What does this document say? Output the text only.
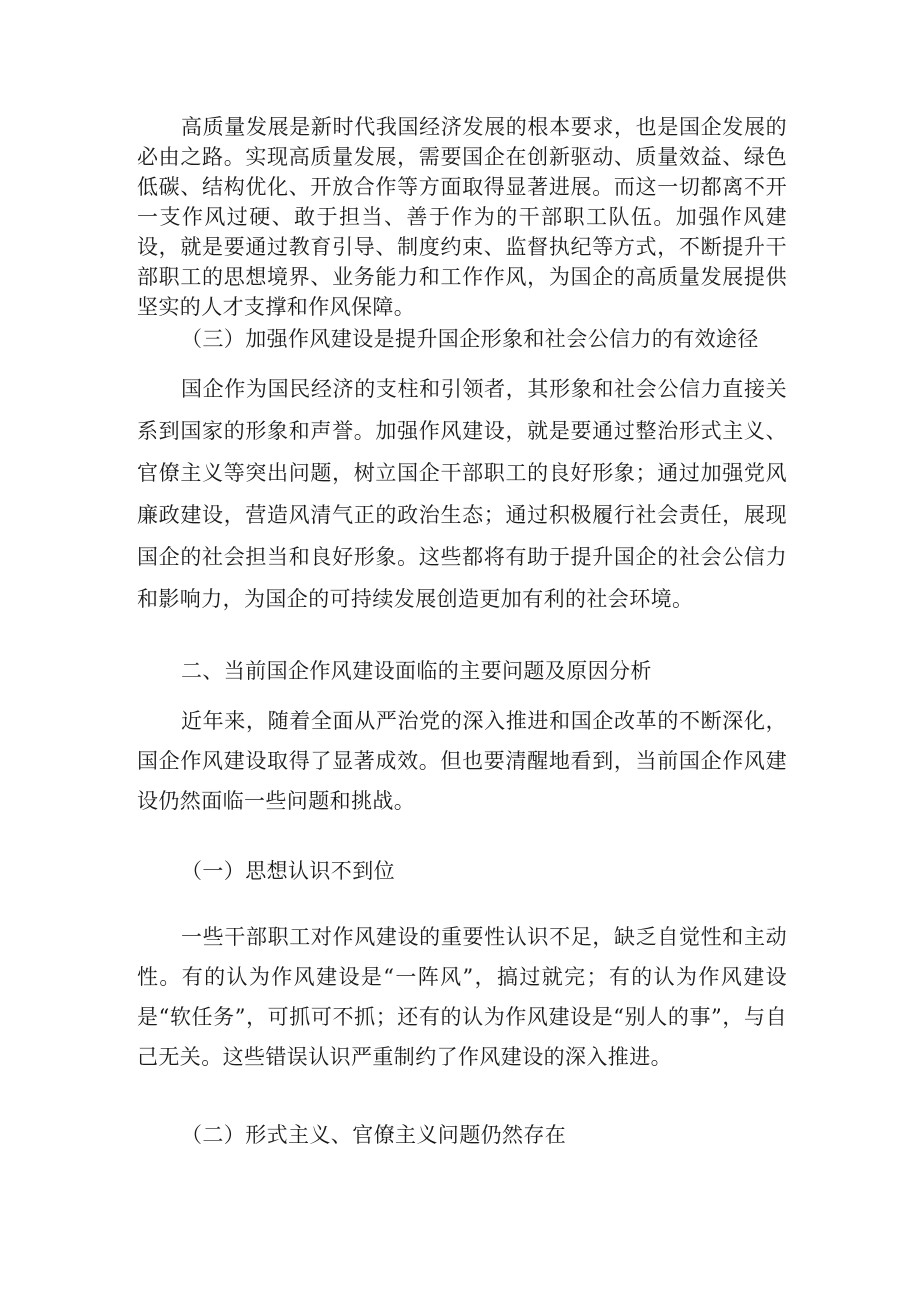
高质量发展是新时代我国经济发展的根本要求，也是国企发展的必由之路。实现高质量发展，需要国企在创新驱动、质量效益、绿色低碳、结构优化、开放合作等方面取得显著进展。而这一切都离不开一支作风过硬、敢于担当、善于作为的干部职工队伍。加强作风建设，就是要通过教育引导、制度约束、监督执纪等方式，不断提升干部职工的思想境界、业务能力和工作作风，为国企的高质量发展提供坚实的人才支撑和作风保障。

（三）加强作风建设是提升国企形象和社会公信力的有效途径

国企作为国民经济的支柱和引领者，其形象和社会公信力直接关系到国家的形象和声誉。加强作风建设，就是要通过整治形式主义、官僚主义等突出问题，树立国企干部职工的良好形象；通过加强党风廉政建设，营造风清气正的政治生态；通过积极履行社会责任，展现国企的社会担当和良好形象。这些都将有助于提升国企的社会公信力和影响力，为国企的可持续发展创造更加有利的社会环境。

二、当前国企作风建设面临的主要问题及原因分析

近年来，随着全面从严治党的深入推进和国企改革的不断深化，国企作风建设取得了显著成效。但也要清醒地看到，当前国企作风建设仍然面临一些问题和挑战。

（一）思想认识不到位

一些干部职工对作风建设的重要性认识不足，缺乏自觉性和主动性。有的认为作风建设是“一阵风”，搞过就完；有的认为作风建设是“软任务”，可抓可不抓；还有的认为作风建设是“别人的事”，与自己无关。这些错误认识严重制约了作风建设的深入推进。

（二）形式主义、官僚主义问题仍然存在
